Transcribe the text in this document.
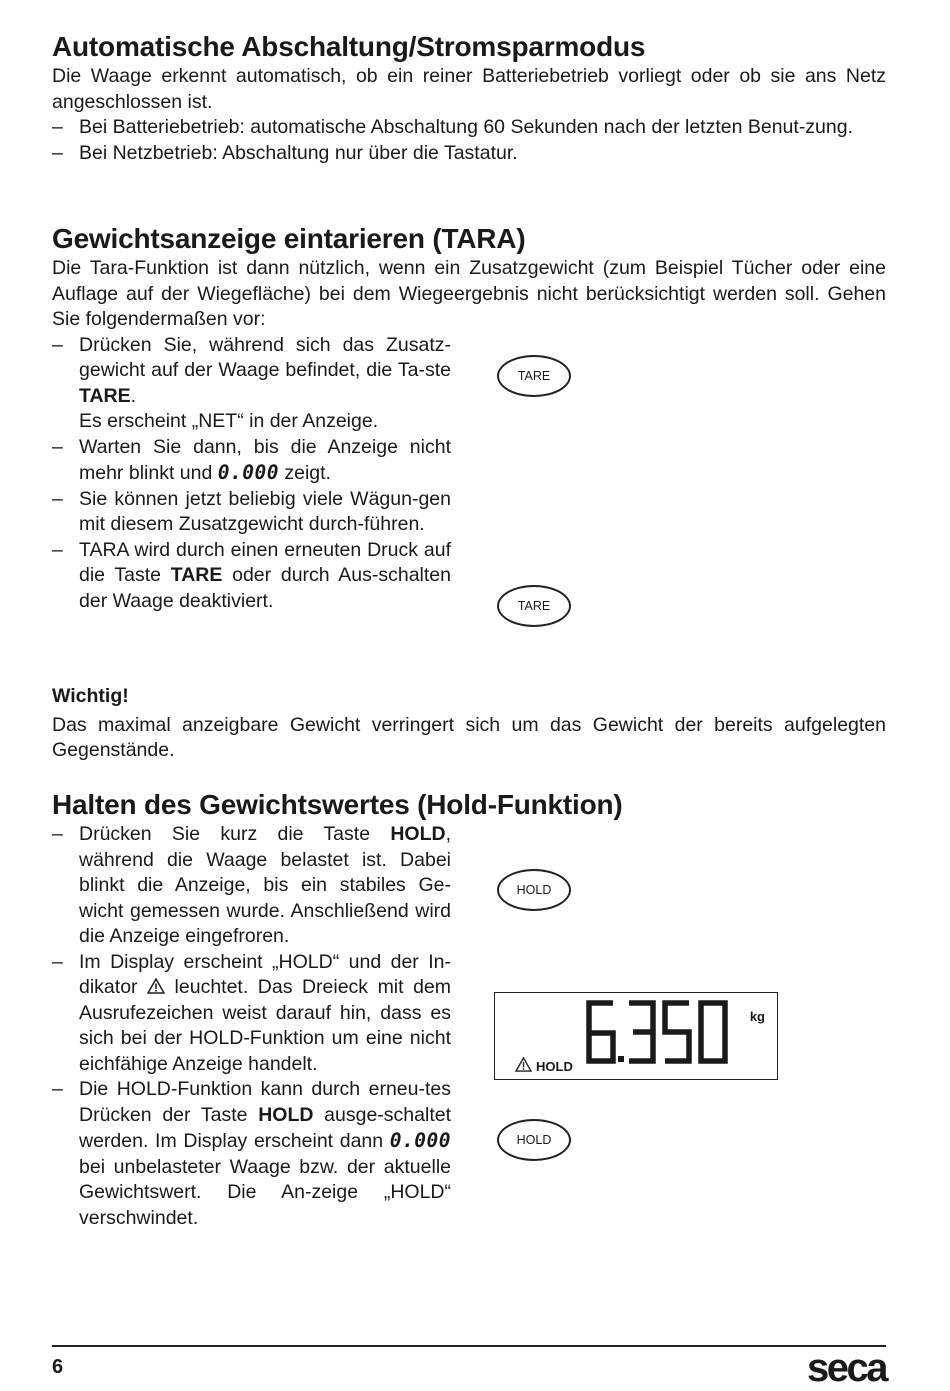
Automatische Abschaltung/Stromsparmodus

Die Waage erkennt automatisch, ob ein reiner Batteriebetrieb vorliegt oder ob sie ans Netz angeschlossen ist.

– Bei Batteriebetrieb: automatische Abschaltung 60 Sekunden nach der letzten Benut-zung.
– Bei Netzbetrieb: Abschaltung nur über die Tastatur.
Gewichtsanzeige eintarieren (TARA)

Die Tara-Funktion ist dann nützlich, wenn ein Zusatzgewicht (zum Beispiel Tücher oder eine Auflage auf der Wiegefläche) bei dem Wiegeergebnis nicht berücksichtigt werden soll. Gehen Sie folgendermaßen vor:

– Drücken Sie, während sich das Zusatz-gewicht auf der Waage befindet, die Ta-ste TARE.
Es erscheint „NET“ in der Anzeige.
– Warten Sie dann, bis die Anzeige nicht mehr blinkt und 0.000 zeigt.
– Sie können jetzt beliebig viele Wägun-gen mit diesem Zusatzgewicht durch-führen.
– TARA wird durch einen erneuten Druck auf die Taste TARE oder durch Aus-schalten der Waage deaktiviert.
TARE
TARE

Wichtig!

Das maximal anzeigbare Gewicht verringert sich um das Gewicht der bereits aufgelegten Gegenstände.

Halten des Gewichtswertes (Hold-Funktion)
– Drücken Sie kurz die Taste HOLD, während die Waage belastet ist. Dabei blinkt die Anzeige, bis ein stabiles Ge-wicht gemessen wurde. Anschließend wird die Anzeige eingefroren.
– Im Display erscheint „HOLD“ und der In-dikator  leuchtet. Das Dreieck mit dem Ausrufezeichen weist darauf hin, dass es sich bei der HOLD-Funktion um eine nicht eichfähige Anzeige handelt.
– Die HOLD-Funktion kann durch erneu-tes Drücken der Taste HOLD ausge-schaltet werden. Im Display erscheint dann 0.000 bei unbelasteter Waage bzw. der aktuelle Gewichtswert. Die An-zeige „HOLD“ verschwindet.
HOLD
6.350
kg
HOLD
HOLD
6	seca
